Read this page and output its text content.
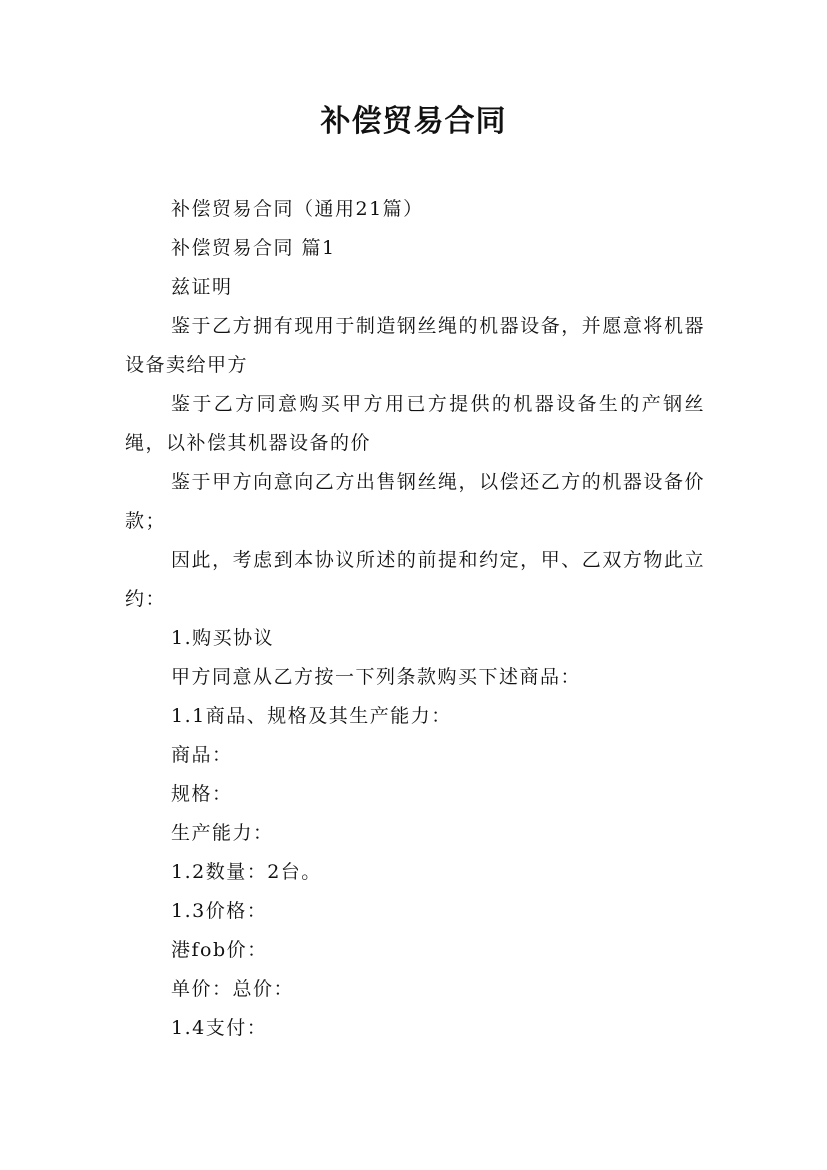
补偿贸易合同

补偿贸易合同（通用21篇）

补偿贸易合同 篇1

兹证明

鉴于乙方拥有现用于制造钢丝绳的机器设备，并愿意将机器设备卖给甲方

鉴于乙方同意购买甲方用已方提供的机器设备生的产钢丝绳，以补偿其机器设备的价

鉴于甲方向意向乙方出售钢丝绳，以偿还乙方的机器设备价款；

因此，考虑到本协议所述的前提和约定，甲、乙双方物此立约：

1.购买协议

甲方同意从乙方按一下列条款购买下述商品：

1.1商品、规格及其生产能力：

商品：

规格：

生产能力：

1.2数量：2台。

1.3价格：

港fob价：

单价：总价：

1.4支付：
